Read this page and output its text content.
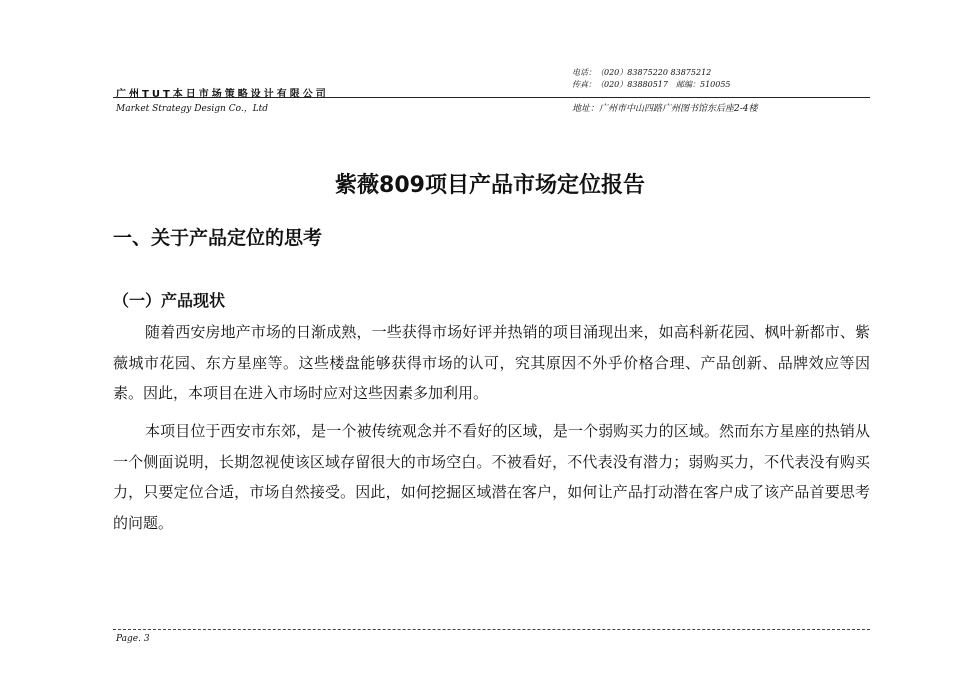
电话：（020）83875220 83875212
传真：（020）83880517　邮编：510055
广州TUT本日市场策略设计有限公司
Market Strategy Design Co.，Ltd	地址：广州市中山四路广州图书馆东后座2-4楼
紫薇809项目产品市场定位报告
一、关于产品定位的思考
（一）产品现状

随着西安房地产市场的日渐成熟，一些获得市场好评并热销的项目涌现出来，如高科新花园、枫叶新都市、紫薇城市花园、东方星座等。这些楼盘能够获得市场的认可，究其原因不外乎价格合理、产品创新、品牌效应等因素。因此，本项目在进入市场时应对这些因素多加利用。

本项目位于西安市东郊，是一个被传统观念并不看好的区域，是一个弱购买力的区域。然而东方星座的热销从一个侧面说明，长期忽视使该区域存留很大的市场空白。不被看好，不代表没有潜力；弱购买力，不代表没有购买力，只要定位合适，市场自然接受。因此，如何挖掘区域潜在客户，如何让产品打动潜在客户成了该产品首要思考的问题。

Page. 3
